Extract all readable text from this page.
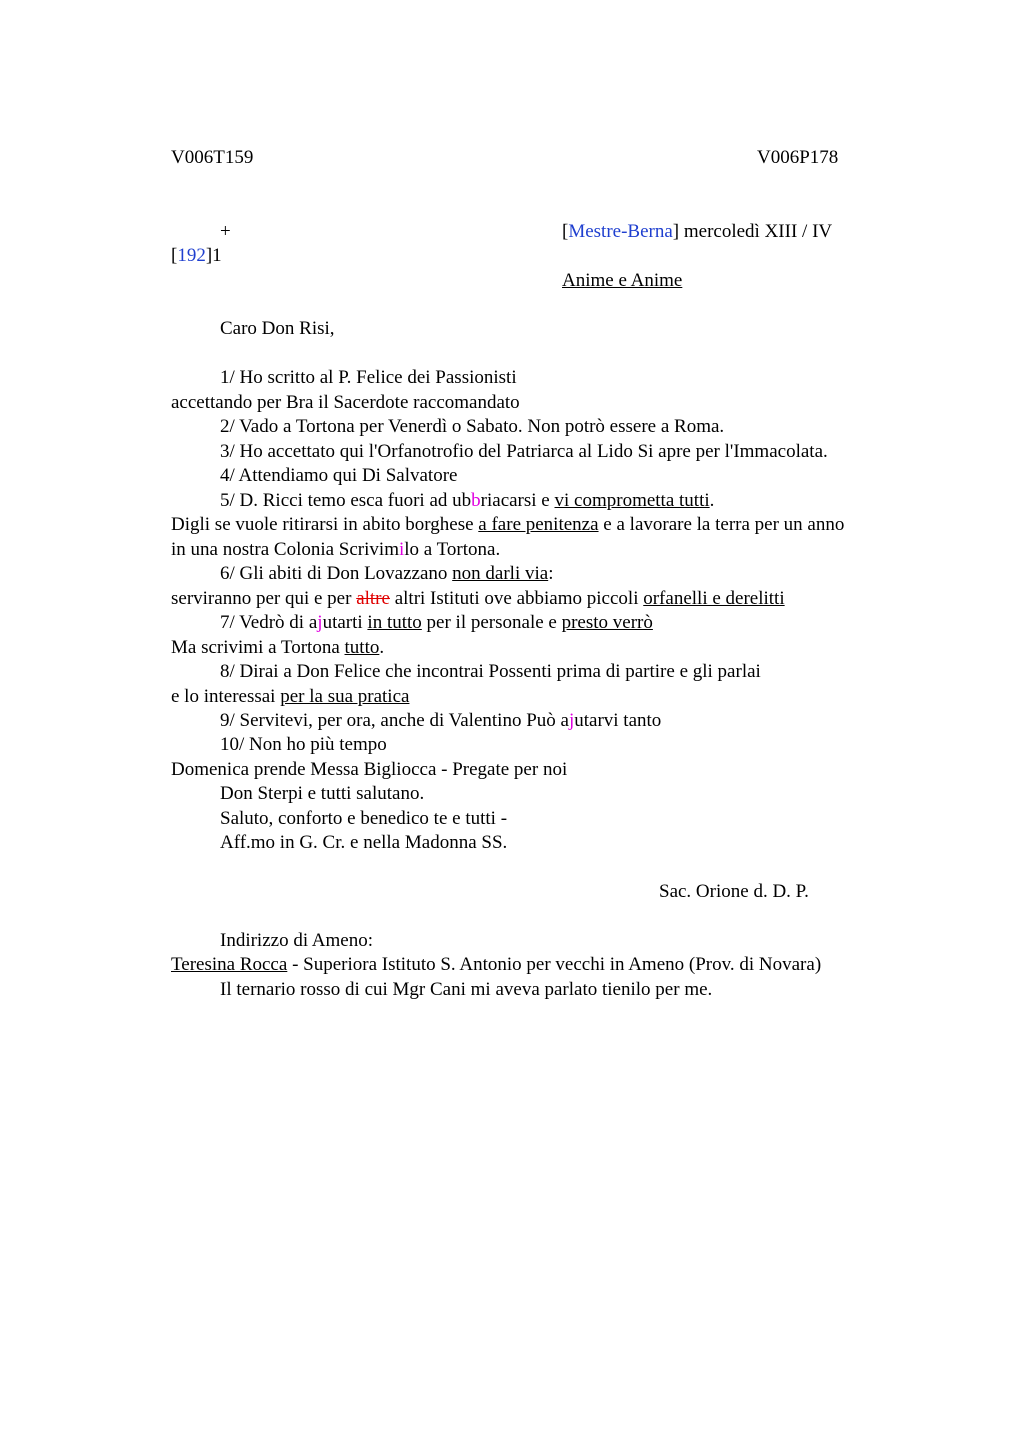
V006T159	V006P178
+	[Mestre-Berna] mercoledì XIII / IV
[192]1
Anime e Anime
Caro Don Risi,
1/ Ho scritto al P. Felice dei Passionisti
accettando per Bra il Sacerdote raccomandato
2/ Vado a Tortona per Venerdì o Sabato. Non potrò essere a Roma.
3/ Ho accettato qui l'Orfanotrofio del Patriarca al Lido Si apre per l'Immacolata.
4/ Attendiamo qui Di Salvatore
5/ D. Ricci temo esca fuori ad ubbriacarsi e vi comprometta tutti.
Digli se vuole ritirarsi in abito borghese a fare penitenza e a lavorare la terra per un anno
in una nostra Colonia Scrivimilo a Tortona.
6/ Gli abiti di Don Lovazzano non darli via:
serviranno per qui e per altre altri Istituti ove abbiamo piccoli orfanelli e derelitti
7/ Vedrò di ajutarti in tutto per il personale e presto verrò
Ma scrivimi a Tortona tutto.
8/ Dirai a Don Felice che incontrai Possenti prima di partire e gli parlai
e lo interessai per la sua pratica
9/ Servitevi, per ora, anche di Valentino Può ajutarvi tanto
10/ Non ho più tempo
Domenica prende Messa Bigliocca - Pregate per noi
Don Sterpi e tutti salutano.
Saluto, conforto e benedico te e tutti -
Aff.mo in G. Cr. e nella Madonna SS.
Sac. Orione d. D. P.
Indirizzo di Ameno:
Teresina Rocca - Superiora Istituto S. Antonio per vecchi in Ameno (Prov. di Novara)
Il ternario rosso di cui Mgr Cani mi aveva parlato tienilo per me.
